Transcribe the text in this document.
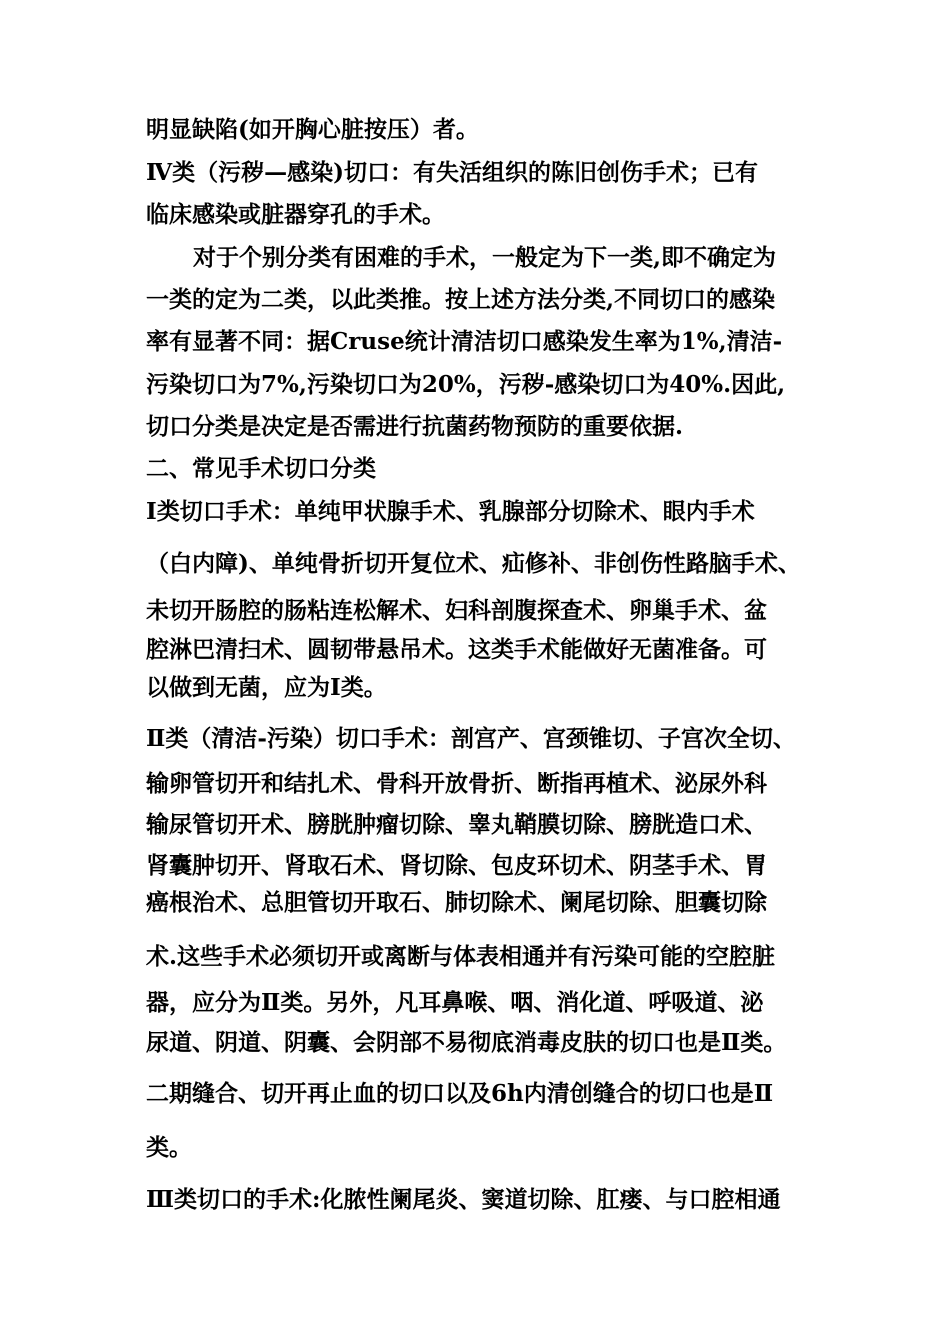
明显缺陷(如开胸心脏按压）者。
Ⅳ类（污秽—感染)切口：有失活组织的陈旧创伤手术；已有
临床感染或脏器穿孔的手术。
对于个别分类有困难的手术，一般定为下一类,即不确定为
一类的定为二类，以此类推。按上述方法分类,不同切口的感染
率有显著不同：据Cruse统计清洁切口感染发生率为1%,清洁-
污染切口为7%,污染切口为20%，污秽-感染切口为40%.因此,
切口分类是决定是否需进行抗菌药物预防的重要依据.
二、常见手术切口分类
Ⅰ类切口手术：单纯甲状腺手术、乳腺部分切除术、眼内手术
（白内障)、单纯骨折切开复位术、疝修补、非创伤性路脑手术、
未切开肠腔的肠粘连松解术、妇科剖腹探查术、卵巢手术、盆
腔淋巴清扫术、圆韧带悬吊术。这类手术能做好无菌准备。可
以做到无菌，应为Ⅰ类。
Ⅱ类（清洁-污染）切口手术：剖宫产、宫颈锥切、子宫次全切、
输卵管切开和结扎术、骨科开放骨折、断指再植术、泌尿外科
输尿管切开术、膀胱肿瘤切除、睾丸鞘膜切除、膀胱造口术、
肾囊肿切开、肾取石术、肾切除、包皮环切术、阴茎手术、胃
癌根治术、总胆管切开取石、肺切除术、阑尾切除、胆囊切除
术.这些手术必须切开或离断与体表相通并有污染可能的空腔脏
器，应分为Ⅱ类。另外，凡耳鼻喉、咽、消化道、呼吸道、泌
尿道、阴道、阴囊、会阴部不易彻底消毒皮肤的切口也是Ⅱ类。
二期缝合、切开再止血的切口以及6h内清创缝合的切口也是Ⅱ
类。
Ⅲ类切口的手术:化脓性阑尾炎、窦道切除、肛瘘、与口腔相通
